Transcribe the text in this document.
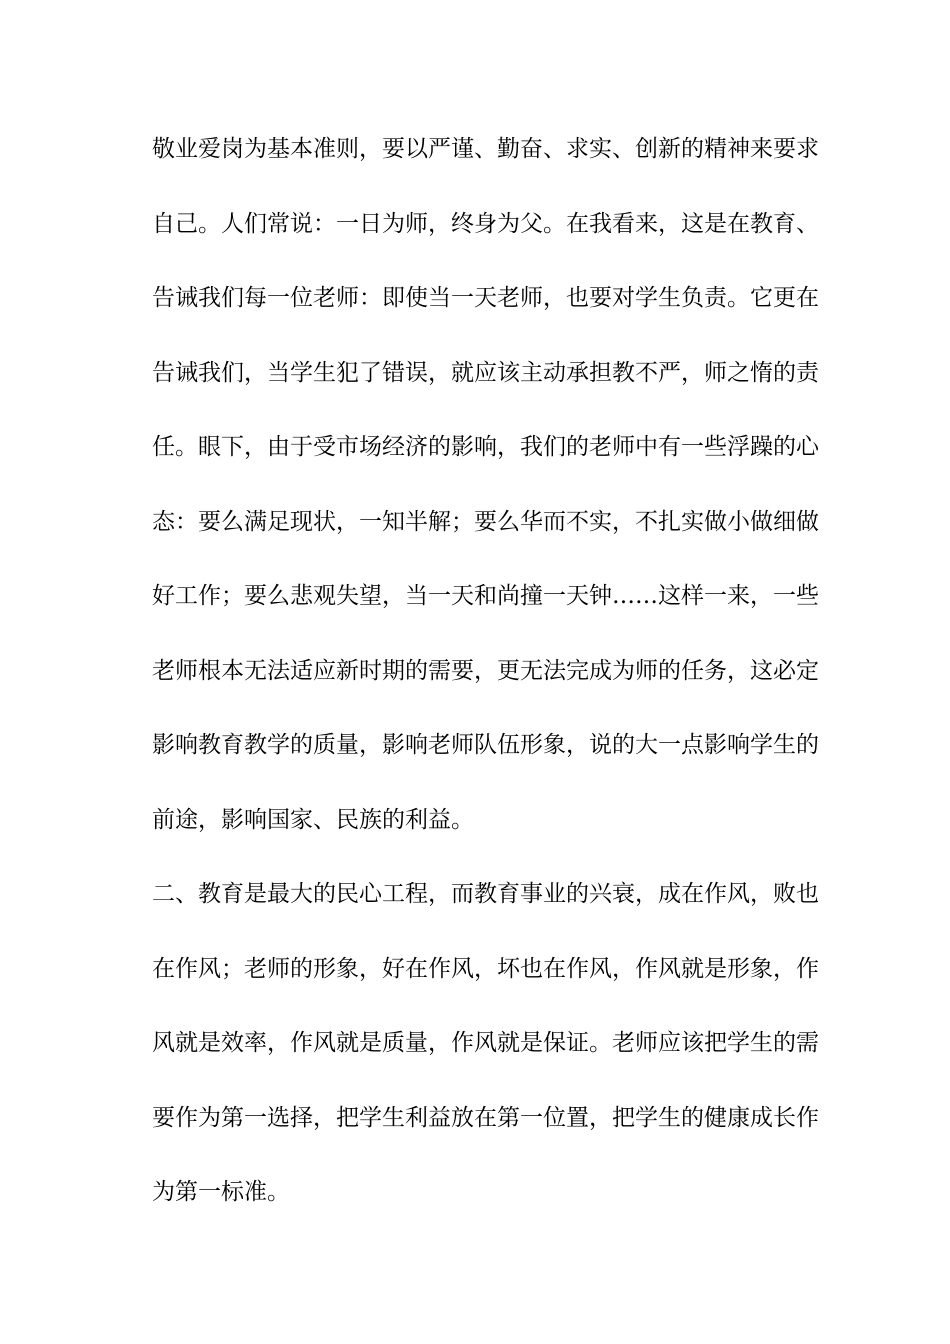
敬业爱岗为基本准则，要以严谨、勤奋、求实、创新的精神来要求
自己。人们常说：一日为师，终身为父。在我看来，这是在教育、
告诫我们每一位老师：即使当一天老师，也要对学生负责。它更在
告诫我们，当学生犯了错误，就应该主动承担教不严，师之惰的责
任。眼下，由于受市场经济的影响，我们的老师中有一些浮躁的心
态：要么满足现状，一知半解；要么华而不实，不扎实做小做细做
好工作；要么悲观失望，当一天和尚撞一天钟……这样一来，一些
老师根本无法适应新时期的需要，更无法完成为师的任务，这必定
影响教育教学的质量，影响老师队伍形象，说的大一点影响学生的
前途，影响国家、民族的利益。
二、教育是最大的民心工程，而教育事业的兴衰，成在作风，败也
在作风；老师的形象，好在作风，坏也在作风，作风就是形象，作
风就是效率，作风就是质量，作风就是保证。老师应该把学生的需
要作为第一选择，把学生利益放在第一位置，把学生的健康成长作
为第一标准。
